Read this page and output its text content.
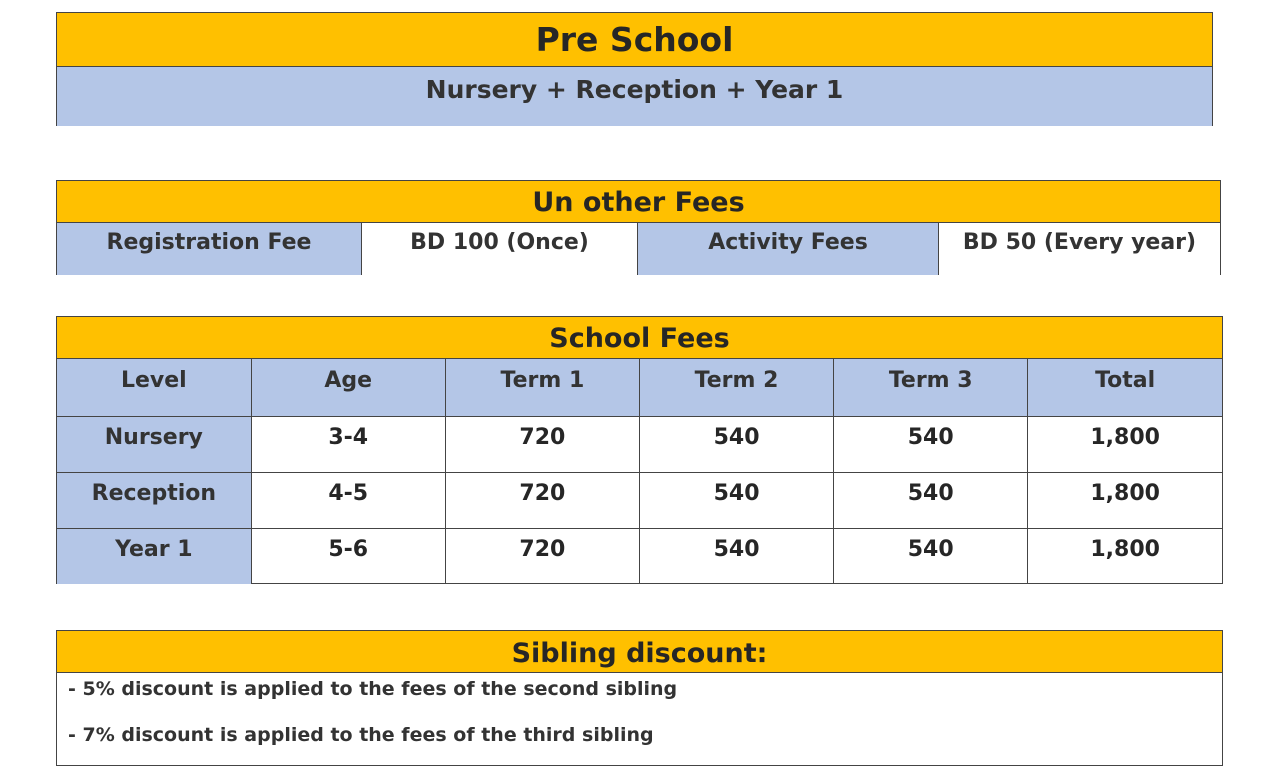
Pre School
Nursery + Reception + Year 1
Un other Fees
Registration Fee	BD 100 (Once)	Activity Fees	BD 50 (Every year)
School Fees
Level	Age	Term 1	Term 2	Term 3	Total
Nursery	3-4	720	540	540	1,800
Reception	4-5	720	540	540	1,800
Year 1	5-6	720	540	540	1,800
Sibling discount:
- 5% discount is applied to the fees of the second sibling
- 7% discount is applied to the fees of the third sibling
